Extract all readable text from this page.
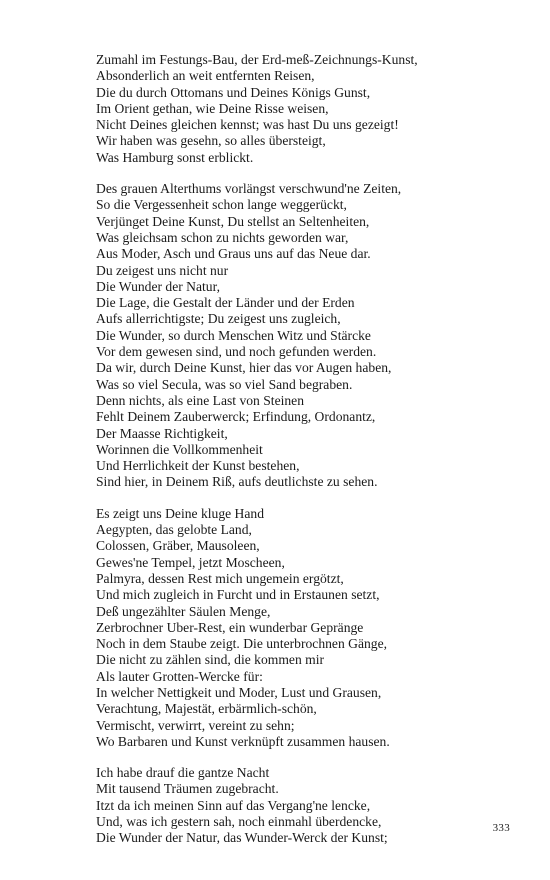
Zumahl im Festungs-Bau, der Erd-meß-Zeichnungs-Kunst,
Absonderlich an weit entfernten Reisen,
Die du durch Ottomans und Deines Königs Gunst,
Im Orient gethan, wie Deine Risse weisen,
Nicht Deines gleichen kennst; was hast Du uns gezeigt!
Wir haben was gesehn, so alles übersteigt,
Was Hamburg sonst erblickt.
Des grauen Alterthums vorlängst verschwund'ne Zeiten,
So die Vergessenheit schon lange weggerückt,
Verjünget Deine Kunst, Du stellst an Seltenheiten,
Was gleichsam schon zu nichts geworden war,
Aus Moder, Asch und Graus uns auf das Neue dar.
Du zeigest uns nicht nur
Die Wunder der Natur,
Die Lage, die Gestalt der Länder und der Erden
Aufs allerrichtigste; Du zeigest uns zugleich,
Die Wunder, so durch Menschen Witz und Stärcke
Vor dem gewesen sind, und noch gefunden werden.
Da wir, durch Deine Kunst, hier das vor Augen haben,
Was so viel Secula, was so viel Sand begraben.
Denn nichts, als eine Last von Steinen
Fehlt Deinem Zauberwerck; Erfindung, Ordonantz,
Der Maasse Richtigkeit,
Worinnen die Vollkommenheit
Und Herrlichkeit der Kunst bestehen,
Sind hier, in Deinem Riß, aufs deutlichste zu sehen.
Es zeigt uns Deine kluge Hand
Aegypten, das gelobte Land,
Colossen, Gräber, Mausoleen,
Gewes'ne Tempel, jetzt Moscheen,
Palmyra, dessen Rest mich ungemein ergötzt,
Und mich zugleich in Furcht und in Erstaunen setzt,
Deß ungezählter Säulen Menge,
Zerbrochner Uber-Rest, ein wunderbar Gepränge
Noch in dem Staube zeigt. Die unterbrochnen Gänge,
Die nicht zu zählen sind, die kommen mir
Als lauter Grotten-Wercke für:
In welcher Nettigkeit und Moder, Lust und Grausen,
Verachtung, Majestät, erbärmlich-schön,
Vermischt, verwirrt, vereint zu sehn;
Wo Barbaren und Kunst verknüpft zusammen hausen.
Ich habe drauf die gantze Nacht
Mit tausend Träumen zugebracht.
Itzt da ich meinen Sinn auf das Vergang'ne lencke,
Und, was ich gestern sah, noch einmahl überdencke,
Die Wunder der Natur, das Wunder-Werck der Kunst;
333
